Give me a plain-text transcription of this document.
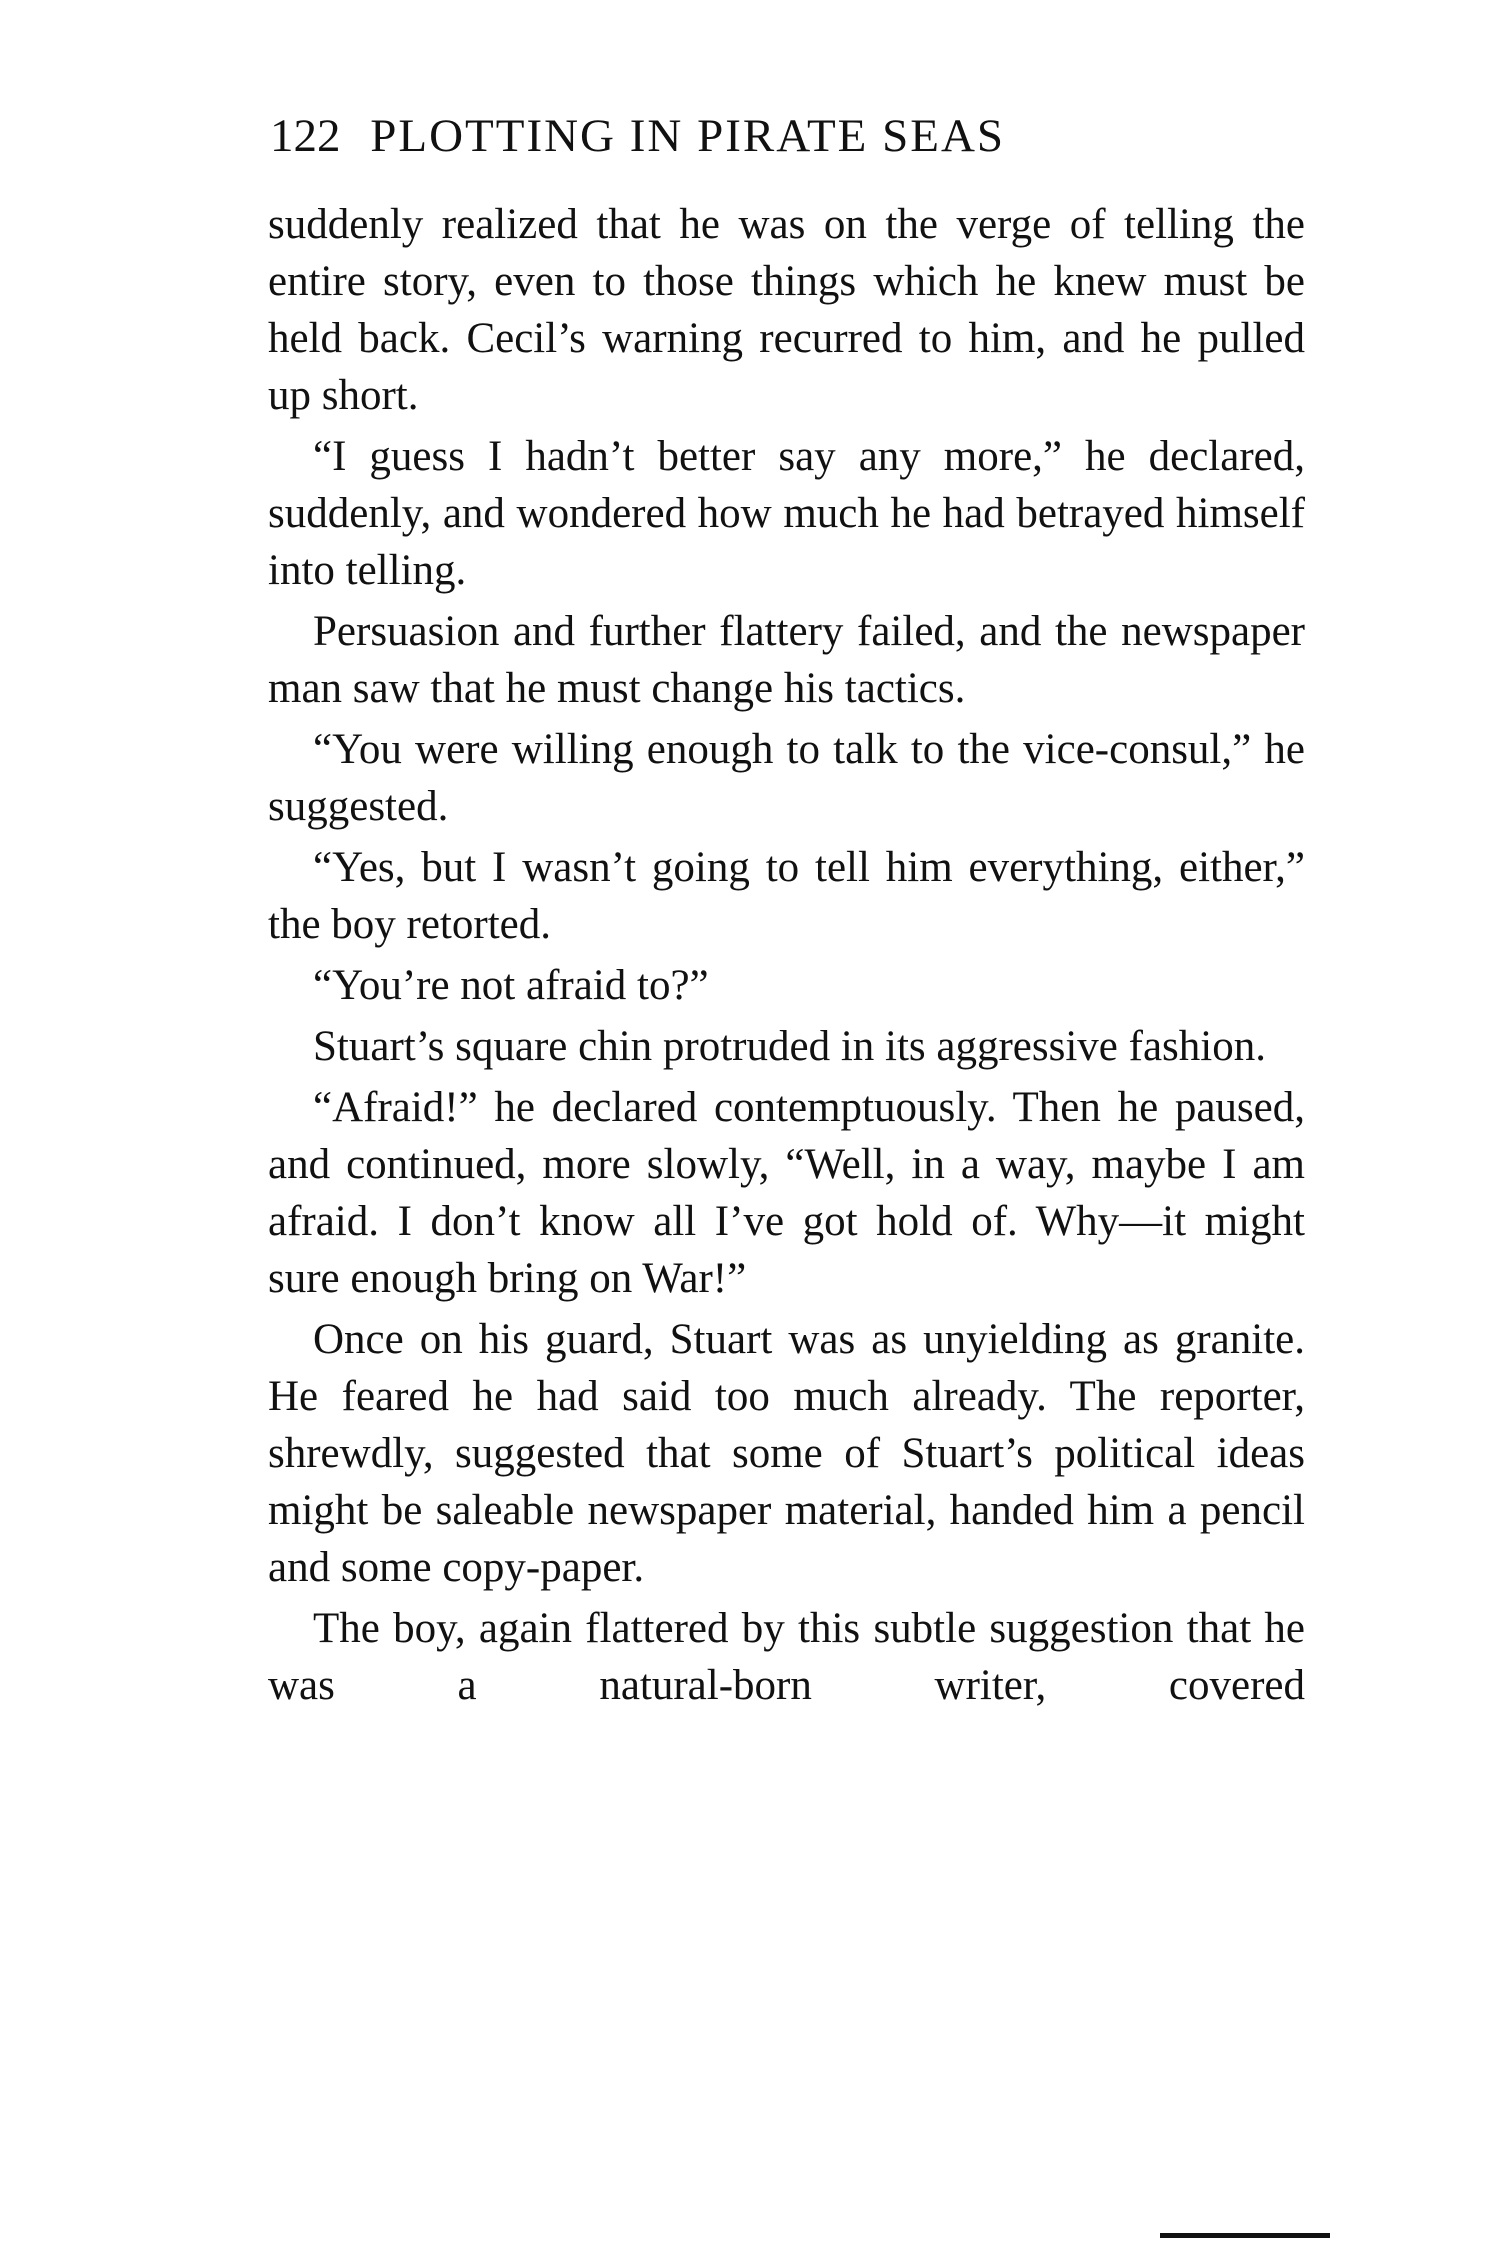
122 PLOTTING IN PIRATE SEAS

suddenly realized that he was on the verge of telling the entire story, even to those things which he knew must be held back. Cecil’s warning recurred to him, and he pulled up short.

“I guess I hadn’t better say any more,” he declared, suddenly, and wondered how much he had betrayed himself into telling.

Persuasion and further flattery failed, and the newspaper man saw that he must change his tactics.

“You were willing enough to talk to the vice-consul,” he suggested.

“Yes, but I wasn’t going to tell him everything, either,” the boy retorted.

“You’re not afraid to?”

Stuart’s square chin protruded in its aggressive fashion.

“Afraid!” he declared contemptuously. Then he paused, and continued, more slowly, “Well, in a way, maybe I am afraid. I don’t know all I’ve got hold of. Why—it might sure enough bring on War!”

Once on his guard, Stuart was as unyielding as granite. He feared he had said too much already. The reporter, shrewdly, suggested that some of Stuart’s political ideas might be saleable newspaper material, handed him a pencil and some copy-paper.

The boy, again flattered by this subtle suggestion that he was a natural-born writer, covered
